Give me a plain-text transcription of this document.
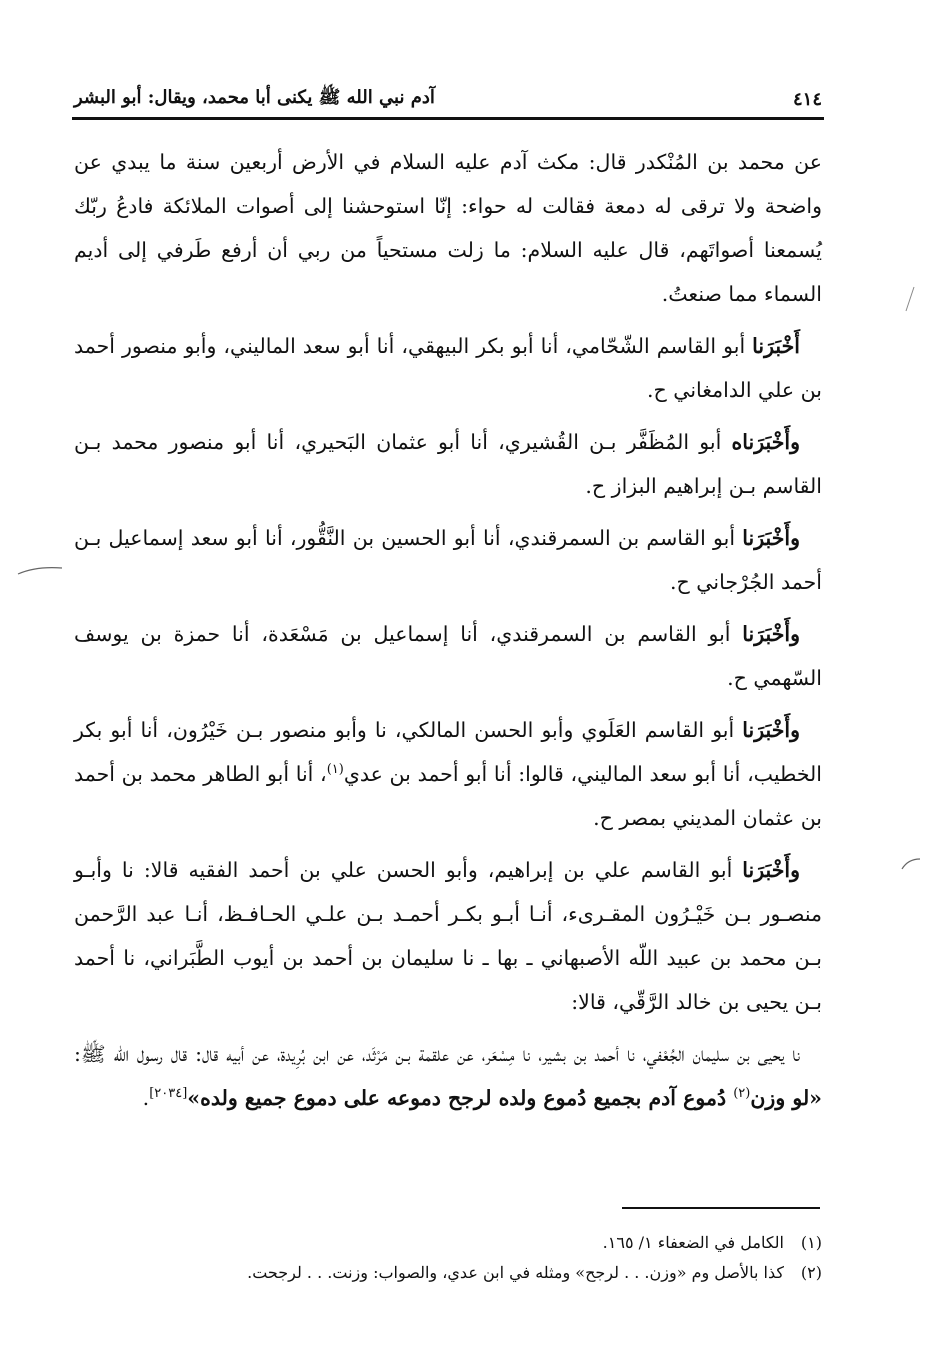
٤١٤
آدم نبي الله ﷺ يكنى أبا محمد، ويقال: أبو البشر

عن محمد بن المُنْكدر قال: مكث آدم عليه السلام في الأرض أربعين سنة ما يبدي عن واضحة ولا ترقى له دمعة فقالت له حواء: إنّا استوحشنا إلى أصوات الملائكة فادعُ ربّك يُسمعنا أصواتَهم، قال عليه السلام: ما زلت مستحياً من ربي أن أرفع طَرفي إلى أديم السماء مما صنعتُ.

أَخْبَرَنا أبو القاسم الشّحّامي، أنا أبو بكر البيهقي، أنا أبو سعد الماليني، وأبو منصور أحمد بن علي الدامغاني ح.

وأَخْبَرَناه أبو المُظَفَّر بـن القُشيري، أنا أبو عثمان البَحيري، أنا أبو منصور محمد بـن القاسم بـن إبراهيم البزاز ح.

وأَخْبَرَنا أبو القاسم بن السمرقندي، أنا أبو الحسين بن النَّقُّور، أنا أبو سعد إسماعيل بـن أحمد الجُرْجاني ح.

وأَخْبَرَنا أبو القاسم بن السمرقندي، أنا إسماعيل بن مَسْعَدة، أنا حمزة بن يوسف السّهمي ح.

وأَخْبَرَنا أبو القاسم العَلَوي وأبو الحسن المالكي، نا وأبو منصور بـن خَيْرُون، أنا أبو بكر الخطيب، أنا أبو سعد الماليني، قالوا: أنا أبو أحمد بن عدي$^{(١)}$، أنا أبو الطاهر محمد بن أحمد بن عثمان المديني بمصر ح.

وأَخْبَرَنا أبو القاسم علي بن إبراهيم، وأبو الحسن علي بن أحمد الفقيه قالا: نا وأبـو منصـور بـن خَيْـرُون المقـرىء، أنـا أبـو بكـر أحمـد بـن علـي الحـافـظ، أنـا عبد الرَّحمن بـن محمد بن عبيد اللّه الأصبهاني ـ بها ـ نا سليمان بن أحمد بن أيوب الطَّبَراني، نا أحمد بـن يحيى بن خالد الرَّقّي، قالا:

نا يحيى بن سليمان الجُعْفي، نا أحمد بن بشير، نا مِسْعَر، عن علقمة بـن مَرْثَد، عن ابن بُرِيدة، عن أبيه قال: قال رسول الله ﷺ: «لو وزن$^{(٢)}$ دُموع آدم بجميع دُموع ولده لرجح دموعه على دموع جميع ولده»[٢٠٣٤].

(١)
الكامل في الضعفاء ١/ ١٦٥.
(٢)
كذا بالأصل وم «وزن. . . لرجح» ومثله في ابن عدي، والصواب: وزنت. . . لرجحت.
